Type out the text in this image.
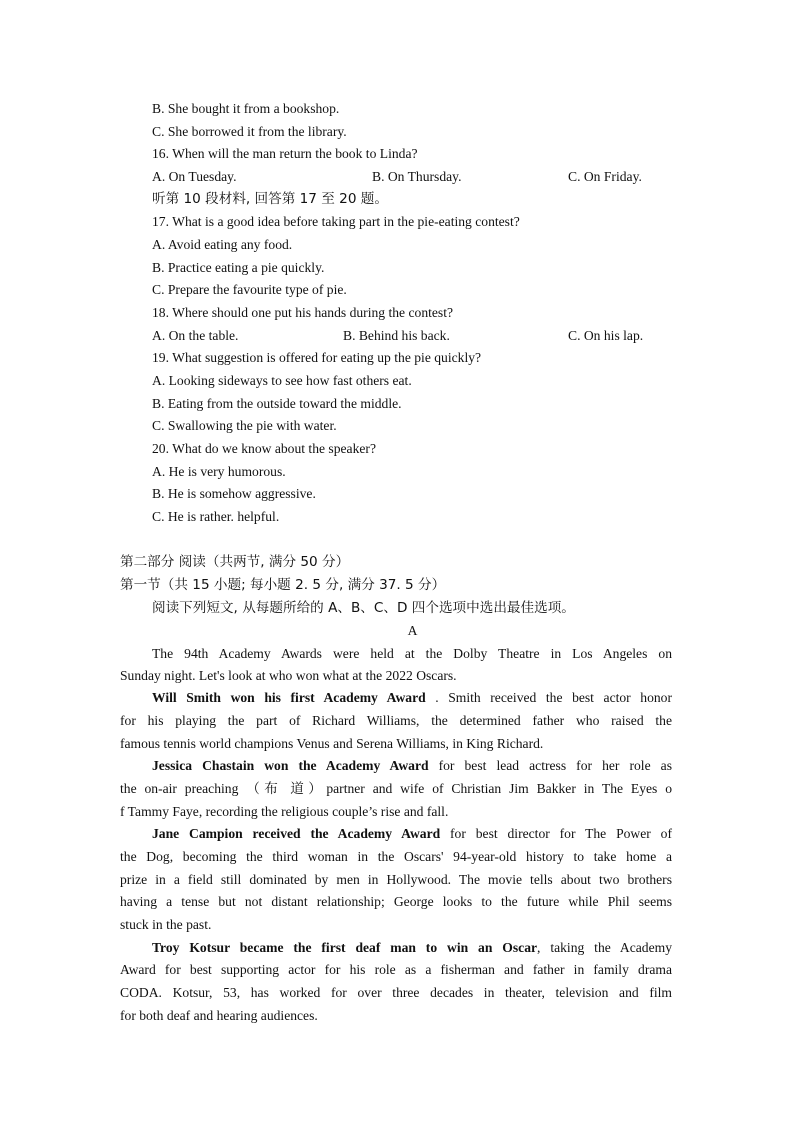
B. She bought it from a bookshop.
C. She borrowed it from the library.
16. When will the man return the book to Linda?
A. On Tuesday.	B. On Thursday.	C. On Friday.
听第 10 段材料, 回答第 17 至 20 题。
17. What is a good idea before taking part in the pie-eating contest?
A. Avoid eating any food.
B. Practice eating a pie quickly.
C. Prepare the favourite type of pie.
18. Where should one put his hands during the contest?
A. On the table.	B. Behind his back.	C. On his lap.
19. What suggestion is offered for eating up the pie quickly?
A. Looking sideways to see how fast others eat.
B. Eating from the outside toward the middle.
C. Swallowing the pie with water.
20. What do we know about the speaker?
A. He is very humorous.
B. He is somehow aggressive.
C. He is rather. helpful.
第二部分 阅读（共两节, 满分 50 分）
第一节（共 15 小题; 每小题 2. 5 分, 满分 37. 5 分）
阅读下列短文, 从每题所给的 A、B、C、D 四个选项中选出最佳选项。
A
The 94th Academy Awards were held at the Dolby Theatre in Los Angeles on
Sunday night. Let's look at who won what at the 2022 Oscars.
Will Smith won his first Academy Award . Smith received the best actor honor
for his playing the part of Richard Williams, the determined father who raised the
famous tennis world champions Venus and Serena Williams, in King Richard.
Jessica Chastain won the Academy Award for best lead actress for her role as
the on-air preaching （布 道）partner and wife of Christian Jim Bakker in The Eyes o
f Tammy Faye, recording the religious couple’s rise and fall.
Jane Campion received the Academy Award for best director for The Power of
the Dog, becoming the third woman in the Oscars' 94-year-old history to take home a
prize in a field still dominated by men in Hollywood. The movie tells about two brothers
having a tense but not distant relationship; George looks to the future while Phil seems
stuck in the past.
Troy Kotsur became the first deaf man to win an Oscar, taking the Academy
Award for best supporting actor for his role as a fisherman and father in family drama
CODA. Kotsur, 53, has worked for over three decades in theater, television and film
for both deaf and hearing audiences.
